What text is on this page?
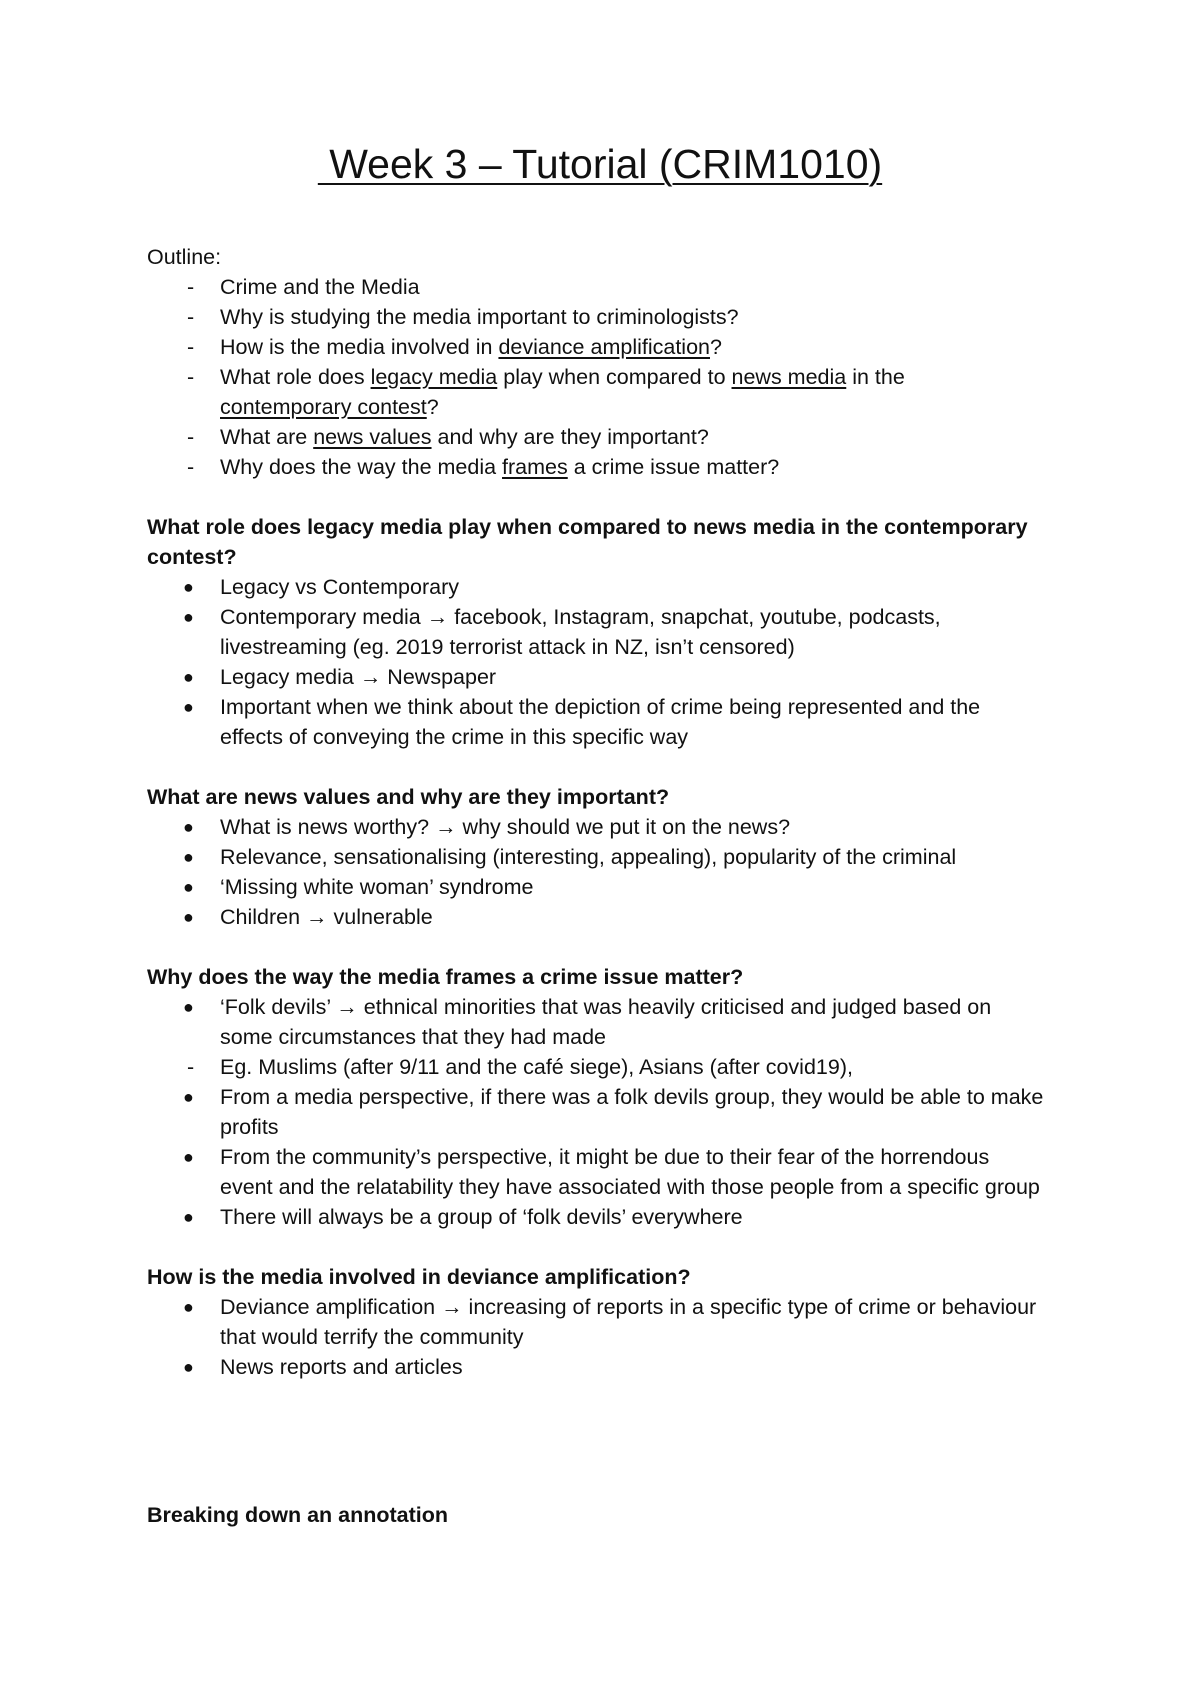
Week 3 – Tutorial (CRIM1010)
Outline:
-	Crime and the Media
-	Why is studying the media important to criminologists?
-	How is the media involved in deviance amplification?
-	What role does legacy media play when compared to news media in the
contemporary contest?
-	What are news values and why are they important?
-	Why does the way the media frames a crime issue matter?
What role does legacy media play when compared to news media in the contemporary contest?
●	Legacy vs Contemporary
●	Contemporary media → facebook, Instagram, snapchat, youtube, podcasts, livestreaming (eg. 2019 terrorist attack in NZ, isn’t censored)
●	Legacy media → Newspaper
●	Important when we think about the depiction of crime being represented and the effects of conveying the crime in this specific way
What are news values and why are they important?
●	What is news worthy? → why should we put it on the news?
●	Relevance, sensationalising (interesting, appealing), popularity of the criminal
●	‘Missing white woman’ syndrome
●	Children → vulnerable
Why does the way the media frames a crime issue matter?
●	‘Folk devils’ → ethnical minorities that was heavily criticised and judged based on some circumstances that they had made
-	Eg. Muslims (after 9/11 and the café siege), Asians (after covid19),
●	From a media perspective, if there was a folk devils group, they would be able to make profits
●	From the community’s perspective, it might be due to their fear of the horrendous event and the relatability they have associated with those people from a specific group
●	There will always be a group of ‘folk devils’ everywhere
How is the media involved in deviance amplification?
●	Deviance amplification → increasing of reports in a specific type of crime or behaviour that would terrify the community
●	News reports and articles
Breaking down an annotation
